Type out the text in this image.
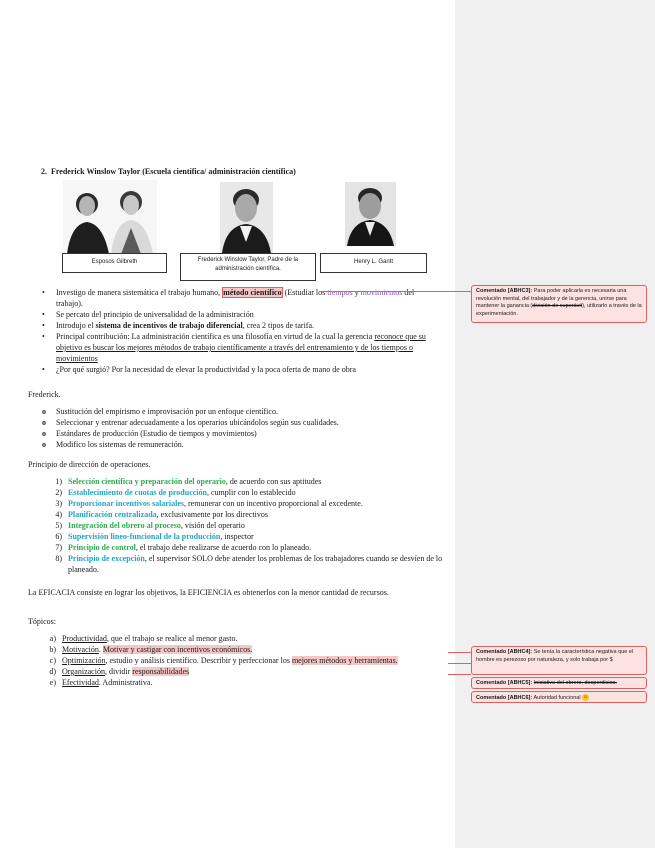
2. Frederick Winslow Taylor (Escuela científica/ administración científica)
Esposos Gilbreth	Frederick Winslow Taylor, Padre de la administración científica.
Henry L. Gantt
• Investigo de manera sistemática el trabajo humano, método científico (Estudiar los tiempos y movimientos del trabajo).
• Se percato del principio de universalidad de la administración
• Introdujo el sistema de incentivos de trabajo diferencial, crea 2 tipos de tarifa.
• Principal contribución: La administración científica es una filosofía en virtud de la cual la gerencia reconoce que su objetivo es buscar los mejores métodos de trabajo científicamente a través del entrenamiento y de los tiempos o movimientos
• ¿Por qué surgió? Por la necesidad de elevar la productividad y la poca oferta de mano de obra
Frederick.
o Sustitución del empirismo e improvisación por un enfoque científico.
o Seleccionar y entrenar adecuadamente a los operarios ubicándolos según sus cualidades.
o Estándares de producción (Estudio de tiempos y movimientos)
o Modifico los sistemas de remuneración.
Principio de dirección de operaciones.
1) Selección científica y preparación del operario, de acuerdo con sus aptitudes
2) Establecimiento de cuotas de producción, cumplir con lo establecido
3) Proporcionar incentivos salariales, remunerar con un incentivo proporcional al excedente.
4) Planificación centralizada, exclusivamente por los directivos
5) Integración del obrero al proceso, visión del operario
6) Supervisión lineo-funcional de la producción, inspector
7) Principio de control, el trabajo debe realizarse de acuerdo con lo planeado.
8) Principio de excepción, el supervisor SOLO debe atender los problemas de los trabajadores cuando se desvíen de lo planeado.
La EFICACIA consiste en lograr los objetivos, la EFICIENCIA es obtenerlos con la menor cantidad de recursos.
Tópicos:
a) Productividad, que el trabajo se realice al menor gasto.
b) Motivación. Motivar y castigar con incentivos económicos.
c) Optimización, estudio y análisis científico. Describir y perfeccionar los mejores métodos y herramientas.
d) Organización, dividir responsabilidades
e) Efectividad. Administrativa.
Comentado [ABHC3]: Para poder aplicarla es necesaria una revolución mental, del trabajador y de la gerencia, unirse para mantener la ganancia (división de superávit), utilizarlo a través de la experimentación.
Comentado [ABHC4]: Se tenía la característica negativa que el hombre es perezoso por naturaleza, y solo trabaja por $
Comentado [ABHC5]: Iniciativa del obrero, desperdicios.
Comentado [ABHC6]: Autoridad funcional ☺
